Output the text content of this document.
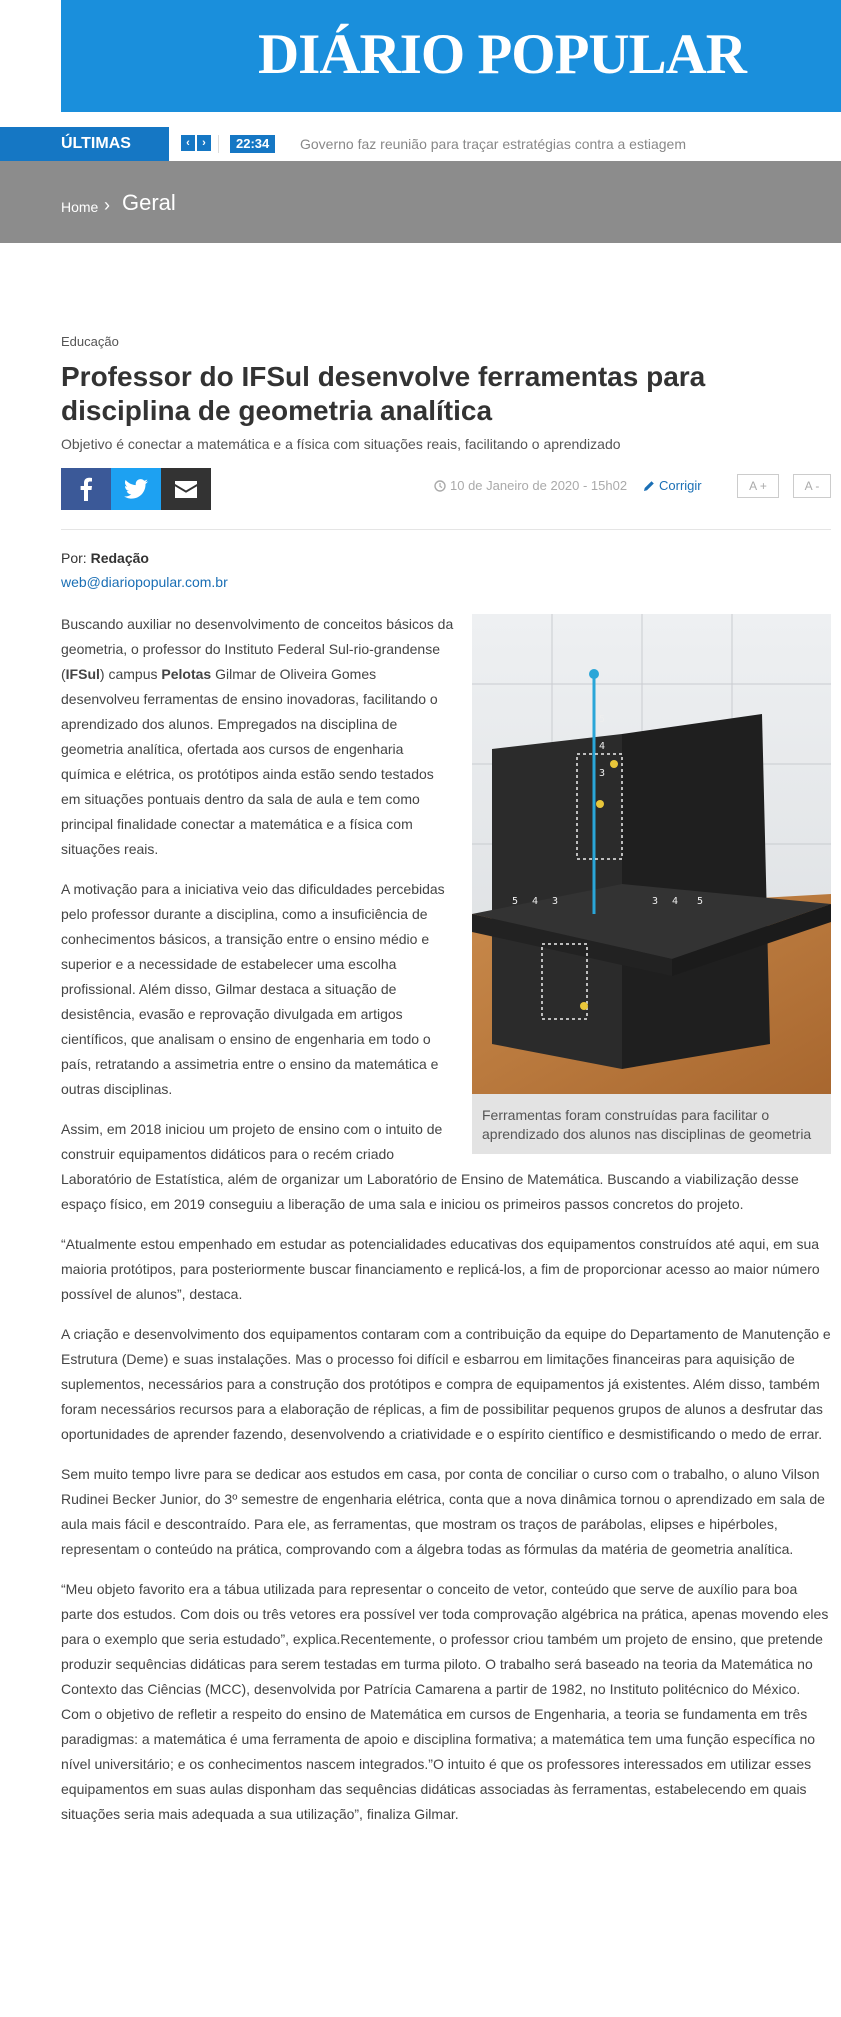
DIÁRIO POPULAR
ÚLTIMAS	‹	›	22:34	Governo faz reunião para traçar estratégias contra a estiagem
Home › Geral
Educação
Professor do IFSul desenvolve ferramentas para disciplina de geometria analítica
Objetivo é conectar a matemática e a física com situações reais, facilitando o aprendizado
10 de Janeiro de 2020 - 15h02 Corrigir	A +	A -
Por: Redação
web@diariopopular.com.br
5
4
3
5 4 3	3 4 5
Ferramentas foram construídas para facilitar o aprendizado dos alunos nas disciplinas de geometria

Buscando auxiliar no desenvolvimento de conceitos básicos da geometria, o professor do Instituto Federal Sul-rio-grandense (IFSul) campus Pelotas Gilmar de Oliveira Gomes desenvolveu ferramentas de ensino inovadoras, facilitando o aprendizado dos alunos. Empregados na disciplina de geometria analítica, ofertada aos cursos de engenharia química e elétrica, os protótipos ainda estão sendo testados em situações pontuais dentro da sala de aula e tem como principal finalidade conectar a matemática e a física com situações reais.

A motivação para a iniciativa veio das dificuldades percebidas pelo professor durante a disciplina, como a insuficiência de conhecimentos básicos, a transição entre o ensino médio e superior e a necessidade de estabelecer uma escolha profissional. Além disso, Gilmar destaca a situação de desistência, evasão e reprovação divulgada em artigos científicos, que analisam o ensino de engenharia em todo o país, retratando a assimetria entre o ensino da matemática e outras disciplinas.

Assim, em 2018 iniciou um projeto de ensino com o intuito de construir equipamentos didáticos para o recém criado Laboratório de Estatística, além de organizar um Laboratório de Ensino de Matemática. Buscando a viabilização desse espaço físico, em 2019 conseguiu a liberação de uma sala e iniciou os primeiros passos concretos do projeto.

“Atualmente estou empenhado em estudar as potencialidades educativas dos equipamentos construídos até aqui, em sua maioria protótipos, para posteriormente buscar financiamento e replicá-los, a fim de proporcionar acesso ao maior número possível de alunos”, destaca.

A criação e desenvolvimento dos equipamentos contaram com a contribuição da equipe do Departamento de Manutenção e Estrutura (Deme) e suas instalações. Mas o processo foi difícil e esbarrou em limitações financeiras para aquisição de suplementos, necessários para a construção dos protótipos e compra de equipamentos já existentes. Além disso, também foram necessários recursos para a elaboração de réplicas, a fim de possibilitar pequenos grupos de alunos a desfrutar das oportunidades de aprender fazendo, desenvolvendo a criatividade e o espírito científico e desmistificando o medo de errar.

Sem muito tempo livre para se dedicar aos estudos em casa, por conta de conciliar o curso com o trabalho, o aluno Vilson Rudinei Becker Junior, do 3º semestre de engenharia elétrica, conta que a nova dinâmica tornou o aprendizado em sala de aula mais fácil e descontraído. Para ele, as ferramentas, que mostram os traços de parábolas, elipses e hipérboles, representam o conteúdo na prática, comprovando com a álgebra todas as fórmulas da matéria de geometria analítica.

“Meu objeto favorito era a tábua utilizada para representar o conceito de vetor, conteúdo que serve de auxílio para boa parte dos estudos. Com dois ou três vetores era possível ver toda comprovação algébrica na prática, apenas movendo eles para o exemplo que seria estudado”, explica.Recentemente, o professor criou também um projeto de ensino, que pretende produzir sequências didáticas para serem testadas em turma piloto. O trabalho será baseado na teoria da Matemática no Contexto das Ciências (MCC), desenvolvida por Patrícia Camarena a partir de 1982, no Instituto politécnico do México. Com o objetivo de refletir a respeito do ensino de Matemática em cursos de Engenharia, a teoria se fundamenta em três paradigmas: a matemática é uma ferramenta de apoio e disciplina formativa; a matemática tem uma função específica no nível universitário; e os conhecimentos nascem integrados.”O intuito é que os professores interessados em utilizar esses equipamentos em suas aulas disponham das sequências didáticas associadas às ferramentas, estabelecendo em quais situações seria mais adequada a sua utilização”, finaliza Gilmar.
